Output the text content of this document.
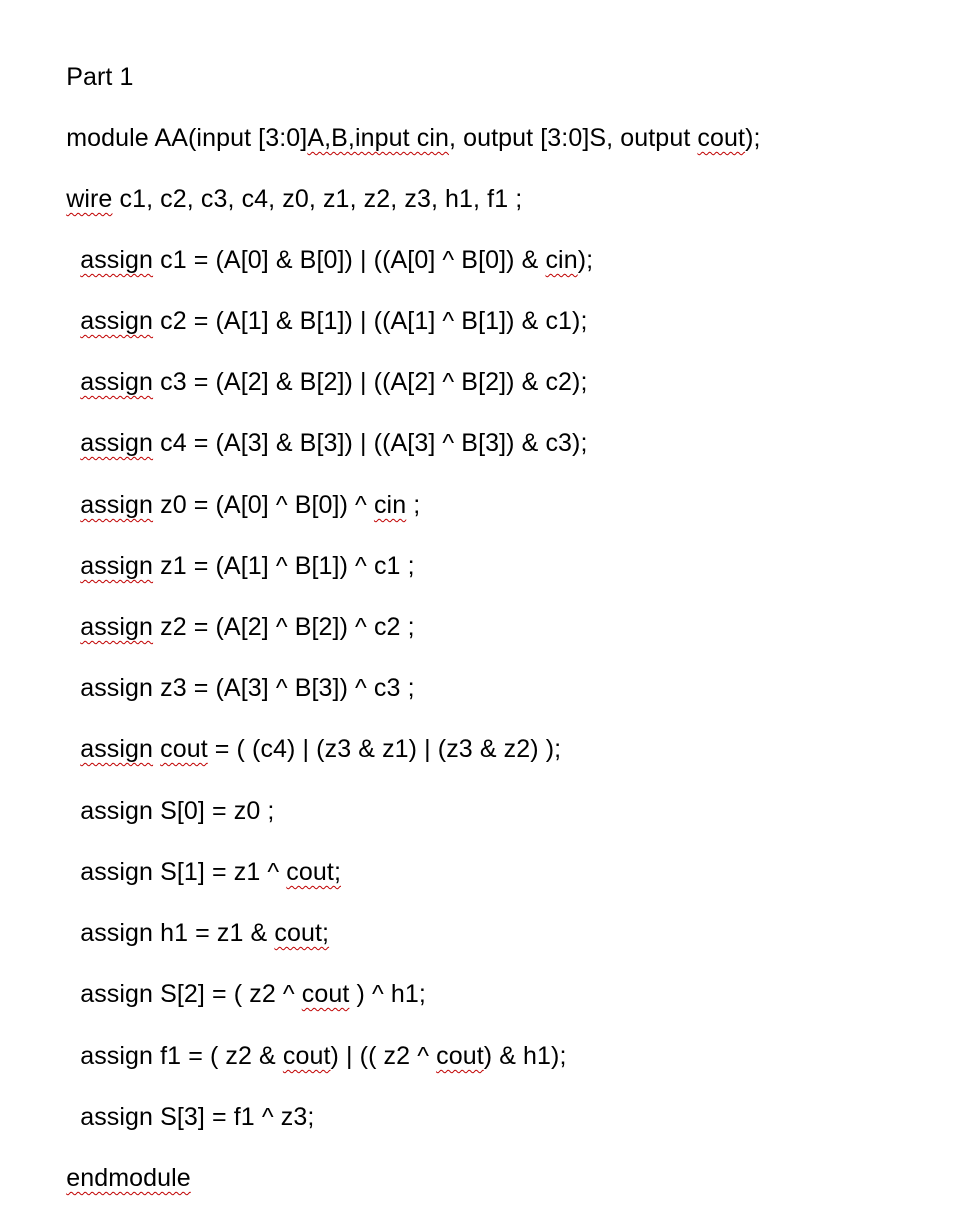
Part 1

module AA(input [3:0]A,B,input cin, output [3:0]S, output cout);

wire c1, c2, c3, c4, z0, z1, z2, z3, h1, f1 ;

assign c1 = (A[0] & B[0]) | ((A[0] ^ B[0]) & cin);

assign c2 = (A[1] & B[1]) | ((A[1] ^ B[1]) & c1);

assign c3 = (A[2] & B[2]) | ((A[2] ^ B[2]) & c2);

assign c4 = (A[3] & B[3]) | ((A[3] ^ B[3]) & c3);

assign z0 = (A[0] ^ B[0]) ^ cin ;

assign z1 = (A[1] ^ B[1]) ^ c1 ;

assign z2 = (A[2] ^ B[2]) ^ c2 ;

assign z3 = (A[3] ^ B[3]) ^ c3 ;

assign cout = ( (c4) | (z3 & z1) | (z3 & z2) );

assign S[0] = z0 ;

assign S[1] = z1 ^ cout;

assign h1 = z1 & cout;

assign S[2] = ( z2 ^ cout ) ^ h1;

assign f1 = ( z2 & cout) | (( z2 ^ cout) & h1);

assign S[3] = f1 ^ z3;

endmodule
